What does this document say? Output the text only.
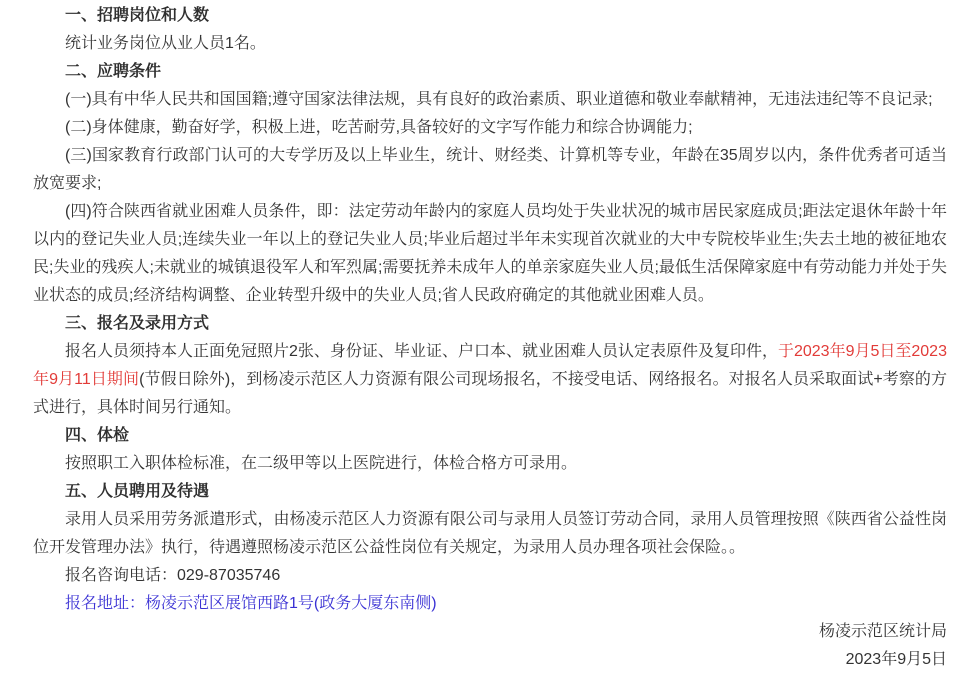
一、招聘岗位和人数

统计业务岗位从业人员1名。

二、应聘条件

(一)具有中华人民共和国国籍;遵守国家法律法规，具有良好的政治素质、职业道德和敬业奉献精神，无违法违纪等不良记录;

(二)身体健康，勤奋好学，积极上进，吃苦耐劳,具备较好的文字写作能力和综合协调能力;

(三)国家教育行政部门认可的大专学历及以上毕业生，统计、财经类、计算机等专业，年龄在35周岁以内，条件优秀者可适当放宽要求;

(四)符合陕西省就业困难人员条件，即：法定劳动年龄内的家庭人员均处于失业状况的城市居民家庭成员;距法定退休年龄十年以内的登记失业人员;连续失业一年以上的登记失业人员;毕业后超过半年未实现首次就业的大中专院校毕业生;失去土地的被征地农民;失业的残疾人;未就业的城镇退役军人和军烈属;需要抚养未成年人的单亲家庭失业人员;最低生活保障家庭中有劳动能力并处于失业状态的成员;经济结构调整、企业转型升级中的失业人员;省人民政府确定的其他就业困难人员。

三、报名及录用方式

报名人员须持本人正面免冠照片2张、身份证、毕业证、户口本、就业困难人员认定表原件及复印件，于2023年9月5日至2023年9月11日期间(节假日除外)，到杨凌示范区人力资源有限公司现场报名，不接受电话、网络报名。对报名人员采取面试+考察的方式进行，具体时间另行通知。

四、体检

按照职工入职体检标准，在二级甲等以上医院进行，体检合格方可录用。

五、人员聘用及待遇

录用人员采用劳务派遣形式，由杨凌示范区人力资源有限公司与录用人员签订劳动合同，录用人员管理按照《陕西省公益性岗位开发管理办法》执行，待遇遵照杨凌示范区公益性岗位有关规定，为录用人员办理各项社会保险。。

报名咨询电话：029-87035746

报名地址：杨凌示范区展馆西路1号(政务大厦东南侧)

杨凌示范区统计局

2023年9月5日
